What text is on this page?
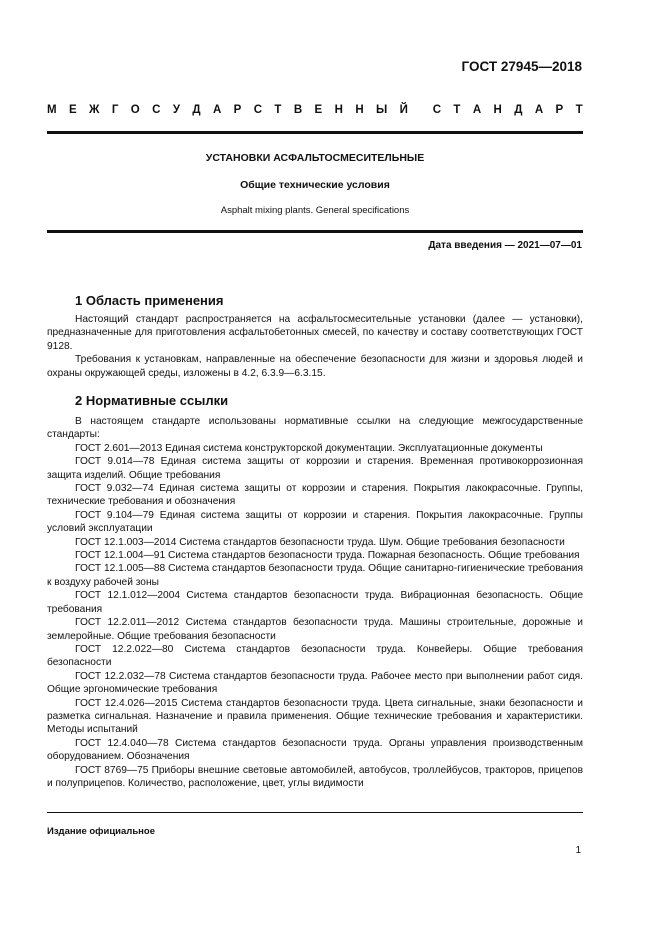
ГОСТ 27945—2018
М Е Ж Г О С У Д А Р С Т В Е Н Н Ы Й С Т А Н Д А Р Т
УСТАНОВКИ АСФАЛЬТОСМЕСИТЕЛЬНЫЕ
Общие технические условия
Asphalt mixing plants. General specifications
Дата введения — 2021—07—01
1 Область применения

Настоящий стандарт распространяется на асфальтосмесительные установки (далее — установки), предназначенные для приготовления асфальтобетонных смесей, по качеству и составу соответствующих ГОСТ 9128.

Требования к установкам, направленные на обеспечение безопасности для жизни и здоровья людей и охраны окружающей среды, изложены в 4.2, 6.3.9—6.3.15.

2 Нормативные ссылки

В настоящем стандарте использованы нормативные ссылки на следующие межгосударственные стандарты:

ГОСТ 2.601—2013 Единая система конструкторской документации. Эксплуатационные документы

ГОСТ 9.014—78 Единая система защиты от коррозии и старения. Временная противокоррозионная защита изделий. Общие требования

ГОСТ 9.032—74 Единая система защиты от коррозии и старения. Покрытия лакокрасочные. Группы, технические требования и обозначения

ГОСТ 9.104—79 Единая система защиты от коррозии и старения. Покрытия лакокрасочные. Группы условий эксплуатации

ГОСТ 12.1.003—2014 Система стандартов безопасности труда. Шум. Общие требования безопасности

ГОСТ 12.1.004—91 Система стандартов безопасности труда. Пожарная безопасность. Общие требования

ГОСТ 12.1.005—88 Система стандартов безопасности труда. Общие санитарно-гигиенические требования к воздуху рабочей зоны

ГОСТ 12.1.012—2004 Система стандартов безопасности труда. Вибрационная безопасность. Общие требования

ГОСТ 12.2.011—2012 Система стандартов безопасности труда. Машины строительные, дорожные и землеройные. Общие требования безопасности

ГОСТ 12.2.022—80 Система стандартов безопасности труда. Конвейеры. Общие требования безопасности

ГОСТ 12.2.032—78 Система стандартов безопасности труда. Рабочее место при выполнении работ сидя. Общие эргономические требования

ГОСТ 12.4.026—2015 Система стандартов безопасности труда. Цвета сигнальные, знаки безопасности и разметка сигнальная. Назначение и правила применения. Общие технические требования и характеристики. Методы испытаний

ГОСТ 12.4.040—78 Система стандартов безопасности труда. Органы управления производственным оборудованием. Обозначения

ГОСТ 8769—75 Приборы внешние световые автомобилей, автобусов, троллейбусов, тракторов, прицепов и полуприцепов. Количество, расположение, цвет, углы видимости

Издание официальное
1
